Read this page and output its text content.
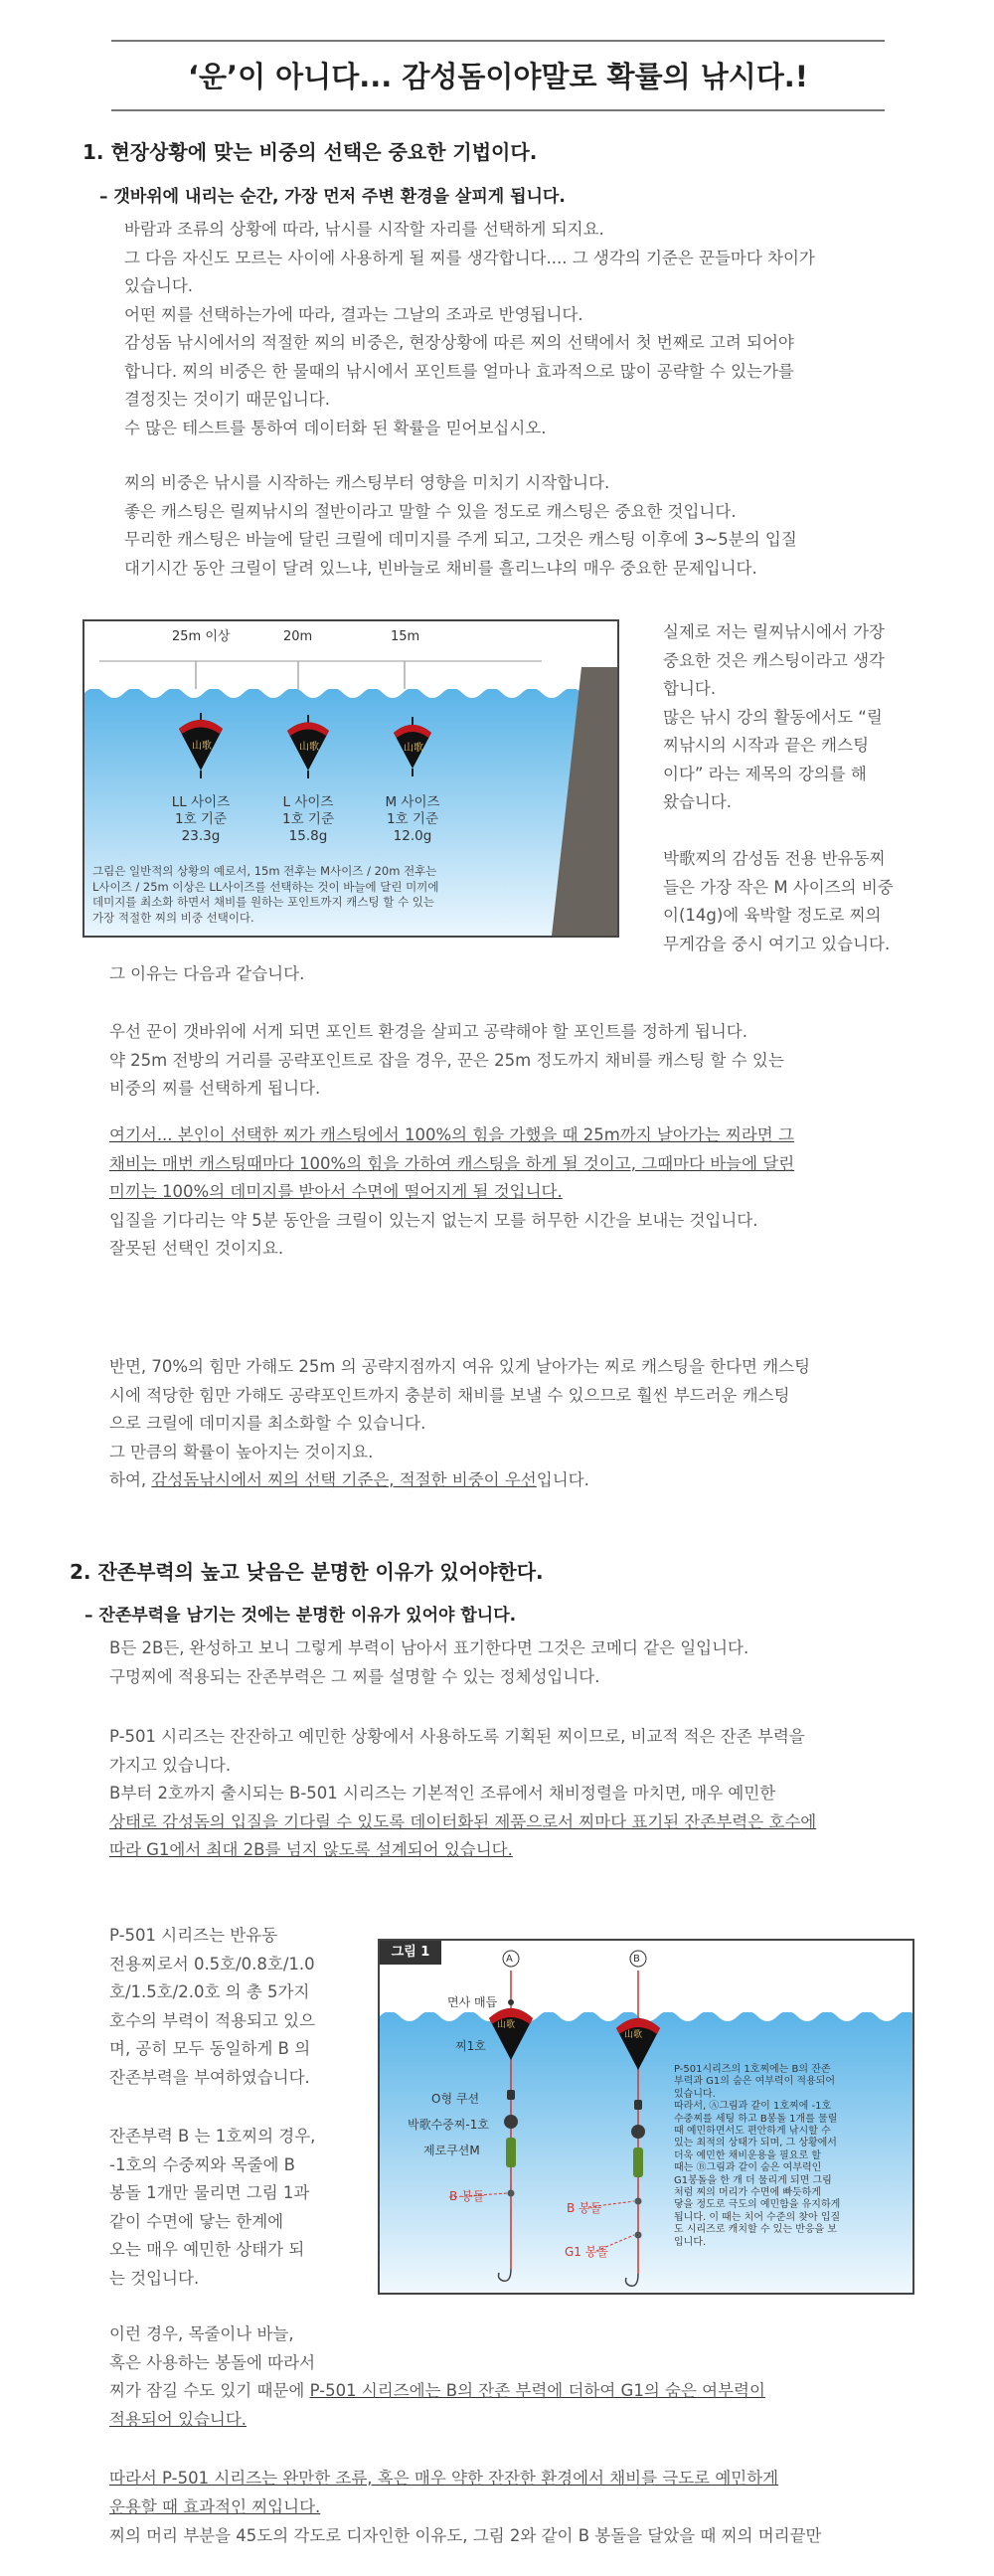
‘운’이 아니다... 감성돔이야말로 확률의 낚시다.!
1. 현장상황에 맞는 비중의 선택은 중요한 기법이다.
– 갯바위에 내리는 순간, 가장 먼저 주변 환경을 살피게 됩니다.
바람과 조류의 상황에 따라, 낚시를 시작할 자리를 선택하게 되지요.
그 다음 자신도 모르는 사이에 사용하게 될 찌를 생각합니다.... 그 생각의 기준은 꾼들마다 차이가
있습니다.
어떤 찌를 선택하는가에 따라, 결과는 그날의 조과로 반영됩니다.
감성돔 낚시에서의 적절한 찌의 비중은, 현장상황에 따른 찌의 선택에서 첫 번째로 고려 되어야
합니다. 찌의 비중은 한 물때의 낚시에서 포인트를 얼마나 효과적으로 많이 공략할 수 있는가를
결정짓는 것이기 때문입니다.
수 많은 테스트를 통하여 데이터화 된 확률을 믿어보십시오.
찌의 비중은 낚시를 시작하는 캐스팅부터 영향을 미치기 시작합니다.
좋은 캐스팅은 릴찌낚시의 절반이라고 말할 수 있을 정도로 캐스팅은 중요한 것입니다.
무리한 캐스팅은 바늘에 달린 크릴에 데미지를 주게 되고, 그것은 캐스팅 이후에 3~5분의 입질
대기시간 동안 크릴이 달려 있느냐, 빈바늘로 채비를 흘리느냐의 매우 중요한 문제입니다.
25m 이상	20m	15m
山歌	山歌	山歌
LL 사이즈
1호 기준
23.3g
L 사이즈
1호 기준
15.8g
M 사이즈
1호 기준
12.0g
그림은 일반적의 상황의 예로서, 15m 전후는 M사이즈 / 20m 전후는
L사이즈 / 25m 이상은 LL사이즈를 선택하는 것이 바늘에 달린 미끼에
데미지를 최소화 하면서 채비를 원하는 포인트까지 캐스팅 할 수 있는
가장 적절한 찌의 비중 선택이다.
실제로 저는 릴찌낚시에서 가장
중요한 것은 캐스팅이라고 생각
합니다.
많은 낚시 강의 활동에서도 “릴
찌낚시의 시작과 끝은 캐스팅
이다” 라는 제목의 강의를 해
왔습니다.

박歌찌의 감성돔 전용 반유동찌
들은 가장 작은 M 사이즈의 비중
이(14g)에 육박할 정도로 찌의
무게감을 중시 여기고 있습니다.
그 이유는 다음과 같습니다.
우선 꾼이 갯바위에 서게 되면 포인트 환경을 살피고 공략해야 할 포인트를 정하게 됩니다.
약 25m 전방의 거리를 공략포인트로 잡을 경우, 꾼은 25m 정도까지 채비를 캐스팅 할 수 있는
비중의 찌를 선택하게 됩니다.
여기서... 본인이 선택한 찌가 캐스팅에서 100%의 힘을 가했을 때 25m까지 날아가는 찌라면 그
채비는 매번 캐스팅때마다 100%의 힘을 가하여 캐스팅을 하게 될 것이고, 그때마다 바늘에 달린
미끼는 100%의 데미지를 받아서 수면에 떨어지게 될 것입니다.
입질을 기다리는 약 5분 동안을 크릴이 있는지 없는지 모를 허무한 시간을 보내는 것입니다.
잘못된 선택인 것이지요.
반면, 70%의 힘만 가해도 25m 의 공략지점까지 여유 있게 날아가는 찌로 캐스팅을 한다면 캐스팅
시에 적당한 힘만 가해도 공략포인트까지 충분히 채비를 보낼 수 있으므로 훨씬 부드러운 캐스팅
으로 크릴에 데미지를 최소화할 수 있습니다.
그 만큼의 확률이 높아지는 것이지요.
하여, 감성돔낚시에서 찌의 선택 기준은, 적절한 비중이 우선입니다.
2. 잔존부력의 높고 낮음은 분명한 이유가 있어야한다.
– 잔존부력을 남기는 것에는 분명한 이유가 있어야 합니다.
B든 2B든, 완성하고 보니 그렇게 부력이 남아서 표기한다면 그것은 코메디 같은 일입니다.
구멍찌에 적용되는 잔존부력은 그 찌를 설명할 수 있는 정체성입니다.
P-501 시리즈는 잔잔하고 예민한 상황에서 사용하도록 기획된 찌이므로, 비교적 적은 잔존 부력을
가지고 있습니다.
B부터 2호까지 출시되는 B-501 시리즈는 기본적인 조류에서 채비정렬을 마치면, 매우 예민한
상태로 감성돔의 입질을 기다릴 수 있도록 데이터화된 제품으로서 찌마다 표기된 잔존부력은 호수에
따라 G1에서 최대 2B를 넘지 않도록 설계되어 있습니다.
P-501 시리즈는 반유동
전용찌로서 0.5호/0.8호/1.0
호/1.5호/2.0호 의 총 5가지
호수의 부력이 적용되고 있으
며, 공히 모두 동일하게 B 의
잔존부력을 부여하였습니다.
잔존부력 B 는 1호찌의 경우,
-1호의 수중찌와 목줄에 B
봉돌 1개만 물리면 그림 1과
같이 수면에 닿는 한계에
오는 매우 예민한 상태가 되
는 것입니다.
이런 경우, 목줄이나 바늘,
혹은 사용하는 봉돌에 따라서
그림 1	A	B
면사 매듭
찌1호
O형 쿠션
박歌수중찌-1호
제로쿠션M
B 봉돌
B 봉돌
G1 봉돌
山歌
山歌
P-501시리즈의 1호찌에는 B의 잔존
부력과 G1의 숨은 여부력이 적용되어
있습니다.
따라서, Ⓐ그림과 같이 1호찌에 -1호
수중찌를 세팅 하고 B봉돌 1개를 물릴
때 예민하면서도 편안하게 낚시할 수
있는 최적의 상태가 되며, 그 상황에서
더욱 예민한 채비운용을 필요로 할
때는 Ⓑ그림과 같이 숨은 여부력인
G1봉돌을 한 개 더 물리게 되면 그림
처럼 찌의 머리가 수면에 빠듯하게
닿을 정도로 극도의 예민함을 유지하게
됩니다. 이 때는 치어 수준의 찾아 입질
도 시리즈로 캐치할 수 있는 반응을 보
입니다.
찌가 잠길 수도 있기 때문에 P-501 시리즈에는 B의 잔존 부력에 더하여 G1의 숨은 여부력이
적용되어 있습니다.
따라서 P-501 시리즈는 완만한 조류, 혹은 매우 약한 잔잔한 환경에서 채비를 극도로 예민하게
운용할 때 효과적인 찌입니다.
찌의 머리 부분을 45도의 각도로 디자인한 이유도, 그림 2와 같이 B 봉돌을 달았을 때 찌의 머리끝만
